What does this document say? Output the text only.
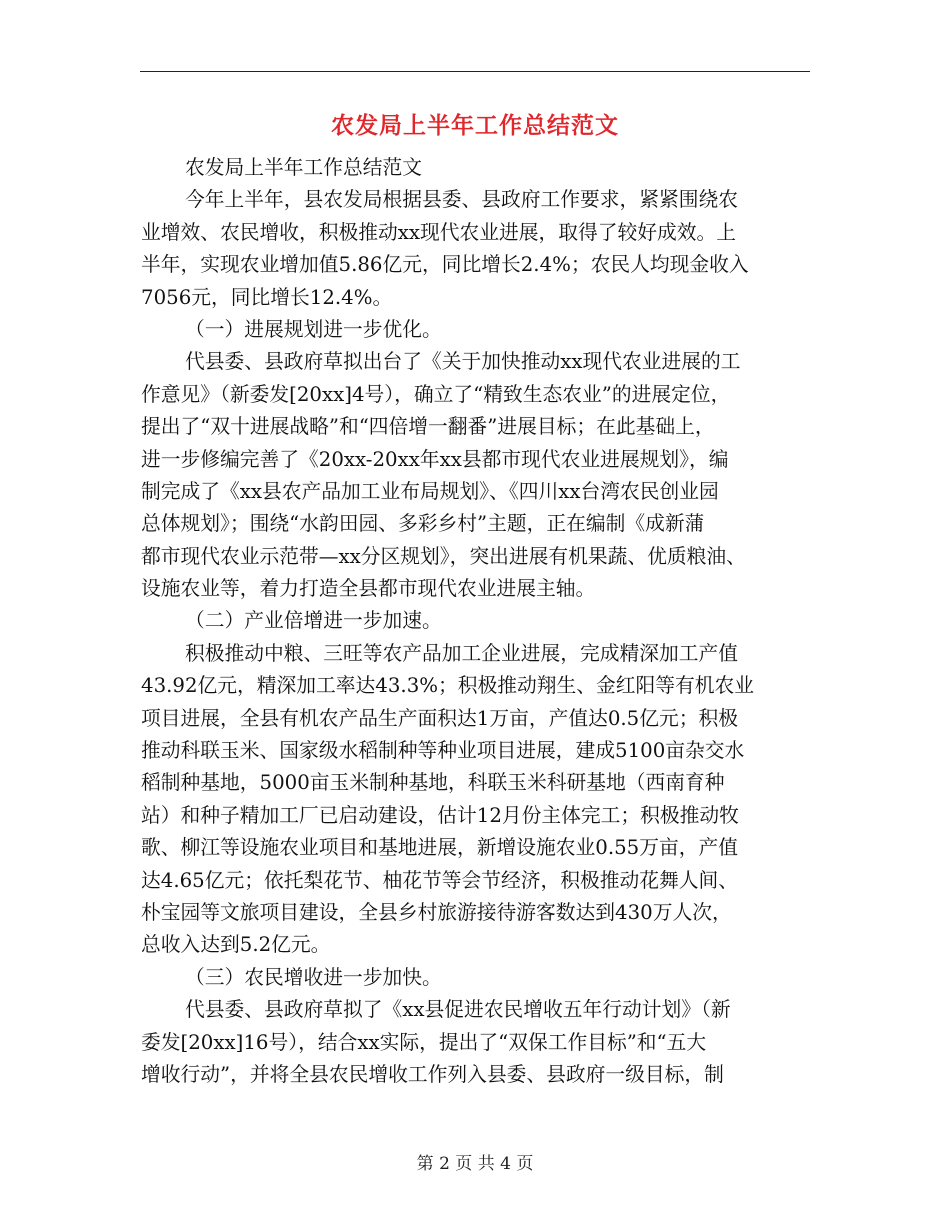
农发局上半年工作总结范文
农发局上半年工作总结范文
今年上半年，县农发局根据县委、县政府工作要求，紧紧围绕农
业增效、农民增收，积极推动xx现代农业进展，取得了较好成效。上
半年，实现农业增加值5.86亿元，同比增长2.4%；农民人均现金收入
7056元，同比增长12.4%。
（一）进展规划进一步优化。
代县委、县政府草拟出台了《关于加快推动xx现代农业进展的工
作意见》（新委发[20xx]4号），确立了“精致生态农业”的进展定位，
提出了“双十进展战略”和“四倍增一翻番”进展目标；在此基础上，
进一步修编完善了《20xx-20xx年xx县都市现代农业进展规划》，编
制完成了《xx县农产品加工业布局规划》、《四川xx台湾农民创业园
总体规划》；围绕“水韵田园、多彩乡村”主题，正在编制《成新蒲
都市现代农业示范带—xx分区规划》，突出进展有机果蔬、优质粮油、
设施农业等，着力打造全县都市现代农业进展主轴。
（二）产业倍增进一步加速。
积极推动中粮、三旺等农产品加工企业进展，完成精深加工产值
43.92亿元，精深加工率达43.3%；积极推动翔生、金红阳等有机农业
项目进展，全县有机农产品生产面积达1万亩，产值达0.5亿元；积极
推动科联玉米、国家级水稻制种等种业项目进展，建成5100亩杂交水
稻制种基地，5000亩玉米制种基地，科联玉米科研基地（西南育种
站）和种子精加工厂已启动建设，估计12月份主体完工；积极推动牧
歌、柳江等设施农业项目和基地进展，新增设施农业0.55万亩，产值
达4.65亿元；依托梨花节、柚花节等会节经济，积极推动花舞人间、
朴宝园等文旅项目建设，全县乡村旅游接待游客数达到430万人次，
总收入达到5.2亿元。
（三）农民增收进一步加快。
代县委、县政府草拟了《xx县促进农民增收五年行动计划》（新
委发[20xx]16号），结合xx实际，提出了“双保工作目标”和“五大
增收行动”，并将全县农民增收工作列入县委、县政府一级目标，制
第 2 页 共 4 页
